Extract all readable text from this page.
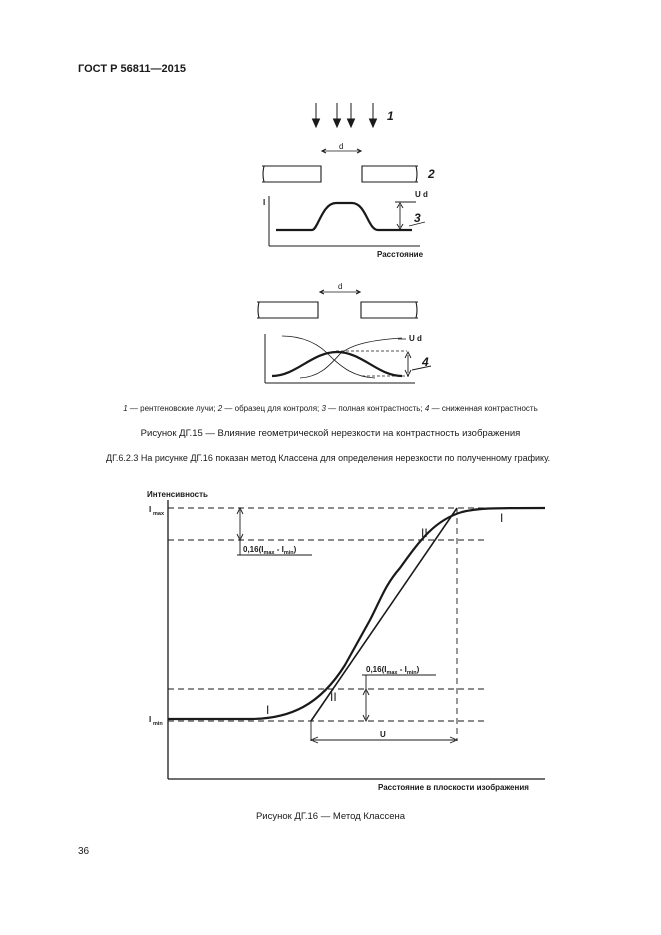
ГОСТ Р 56811—2015
1
d
2
U d
I
3
Расстояние
d
U d
4
Интенсивность
I max
I min
$0,16(I_{max} - I_{min})$
$0,16(I_{max} - I_{min})$
I
I
II
II
U
Расстояние в плоскости изображения
1 — рентгеновские лучи; 2 — образец для контроля; 3 — полная контрастность; 4 — сниженная контрастность
Рисунок ДГ.15 — Влияние геометрической нерезкости на контрастность изображения
ДГ.6.2.3 На рисунке ДГ.16 показан метод Классена для определения нерезкости по полученному графику.
Рисунок ДГ.16 — Метод Классена
36
